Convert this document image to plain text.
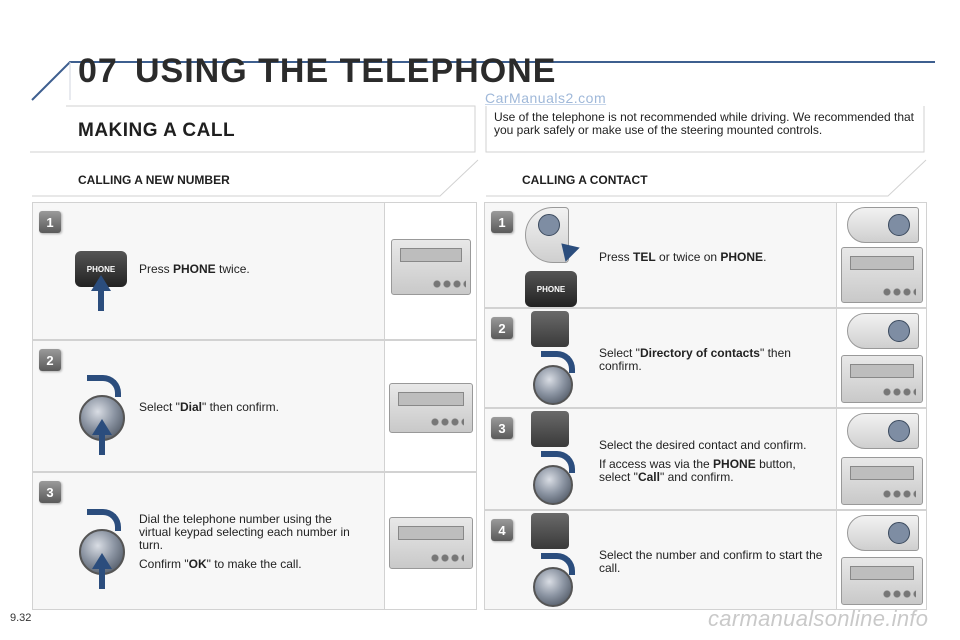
07 USING THE TELEPHONE
CarManuals2.com
MAKING A CALL
Use of the telephone is not recommended while driving. We recommended that you park safely or make use of the steering mounted controls.
CALLING A NEW NUMBER	CALLING A CONTACT
1
PHONE	Press PHONE twice.
2
Select "Dial" then confirm.
3

Dial the telephone number using the virtual keypad selecting each number in turn.

Confirm "OK" to make the call.

1
PHONE
Press TEL or twice on PHONE.
2
Select "Directory of contacts" then confirm.
3

Select the desired contact and confirm.

If access was via the PHONE button, select "Call" and confirm.

4
Select the number and confirm to start the call.
9.32	carmanualsonline.info
